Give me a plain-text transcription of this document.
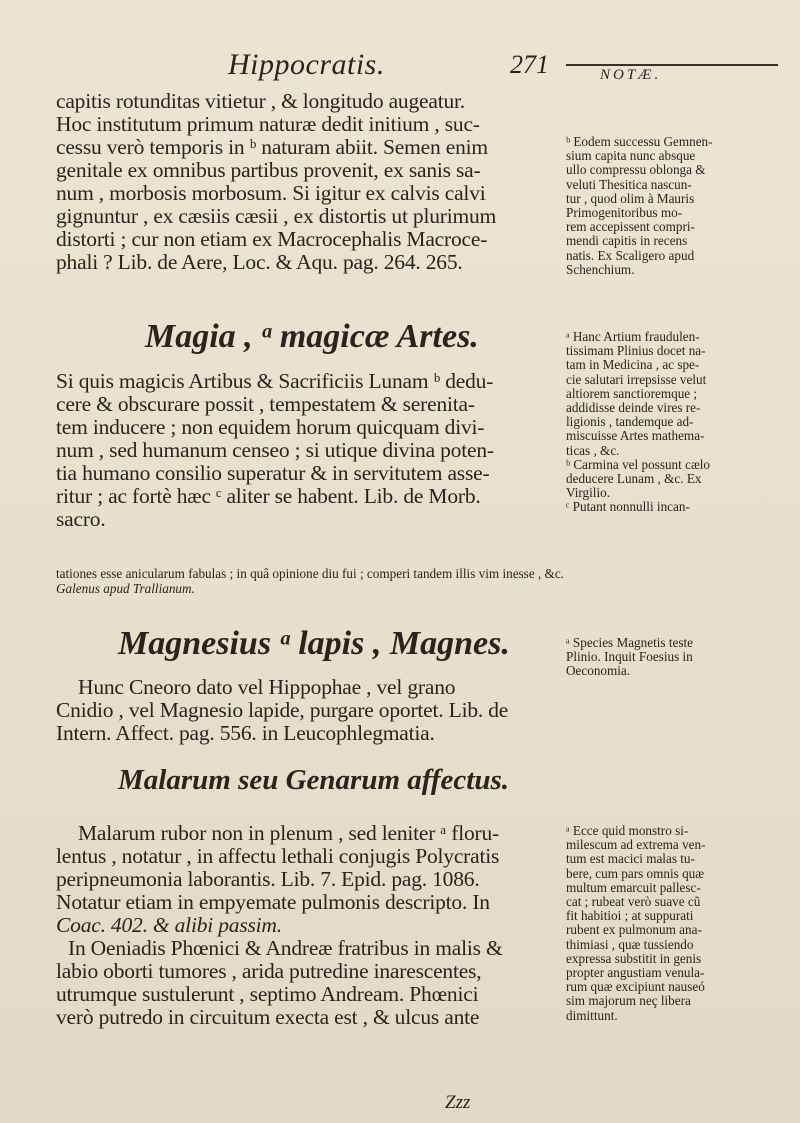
Hippocratis.	271	NOTÆ.

capitis rotunditas vitietur , & longitudo augeatur.

Hoc institutum primum naturæ dedit initium , suc-

cessu verò temporis in ᵇ naturam abiit. Semen enim

genitale ex omnibus partibus provenit, ex sanis sa-

num , morbosis morbosum. Si igitur ex calvis calvi

gignuntur , ex cæsiis cæsii , ex distortis ut plurimum

distorti ; cur non etiam ex Macrocephalis Macroce-

phali ? Lib. de Aere, Loc. & Aqu. pag. 264. 265.

ᵇ Eodem successu Gemnen-

sium capita nunc absque

ullo compressu oblonga &

veluti Thesitica nascun-

tur , quod olim à Mauris

Primogenitoribus mo-

rem accepissent compri-

mendi capitis in recens

natis. Ex Scaligero apud

Schenchium.

Magia , ᵃ magicæ Artes.

Si quis magicis Artibus & Sacrificiis Lunam ᵇ dedu-

cere & obscurare possit , tempestatem & serenita-

tem inducere ; non equidem horum quicquam divi-

num , sed humanum censeo ; si utique divina poten-

tia humano consilio superatur & in servitutem asse-

ritur ; ac fortè hæc ᶜ aliter se habent. Lib. de Morb.

sacro.

ᵃ Hanc Artium fraudulen-

tissimam Plinius docet na-

tam in Medicina , ac spe-

cie salutari irrepsisse velut

altiorem sanctioremque ;

addidisse deinde vires re-

ligionis , tandemque ad-

miscuisse Artes mathema-

ticas , &c.

ᵇ Carmina vel possunt cælo

deducere Lunam , &c. Ex

Virgilio.

ᶜ Putant nonnulli incan-

tationes esse anicularum fabulas ; in quâ opinione diu fui ; comperi tandem illis vim inesse , &c.

Galenus apud Trallianum.

Magnesius ᵃ lapis , Magnes.

Hunc Cneoro dato vel Hippophae , vel grano

Cnidio , vel Magnesio lapide, purgare oportet. Lib. de

Intern. Affect. pag. 556. in Leucophlegmatia.

ᵃ Species Magnetis teste

Plinio. Inquit Foesius in

Oeconomia.

Malarum seu Genarum affectus.

Malarum rubor non in plenum , sed leniter ᵃ floru-

lentus , notatur , in affectu lethali conjugis Polycratis

peripneumonia laborantis. Lib. 7. Epid. pag. 1086.

Notatur etiam in empyemate pulmonis descripto. In

Coac. 402. & alibi passim.

In Oeniadis Phœnici & Andreæ fratribus in malis &

labio oborti tumores , arida putredine inarescentes,

utrumque sustulerunt , septimo Andream. Phœnici

verò putredo in circuitum execta est , & ulcus ante

ᵃ Ecce quid monstro si-

milescum ad extrema ven-

tum est macici malas tu-

bere, cum pars omnis quæ

multum emarcuit pallesc-

cat ; rubeat verò suave cũ

fit habitioi ; at suppurati

rubent ex pulmonum ana-

thimiasi , quæ tussiendo

expressa substitit in genis

propter angustiam venula-

rum quæ excipiunt nauseó

sim majorum neç libera

dimittunt.

Zzz
